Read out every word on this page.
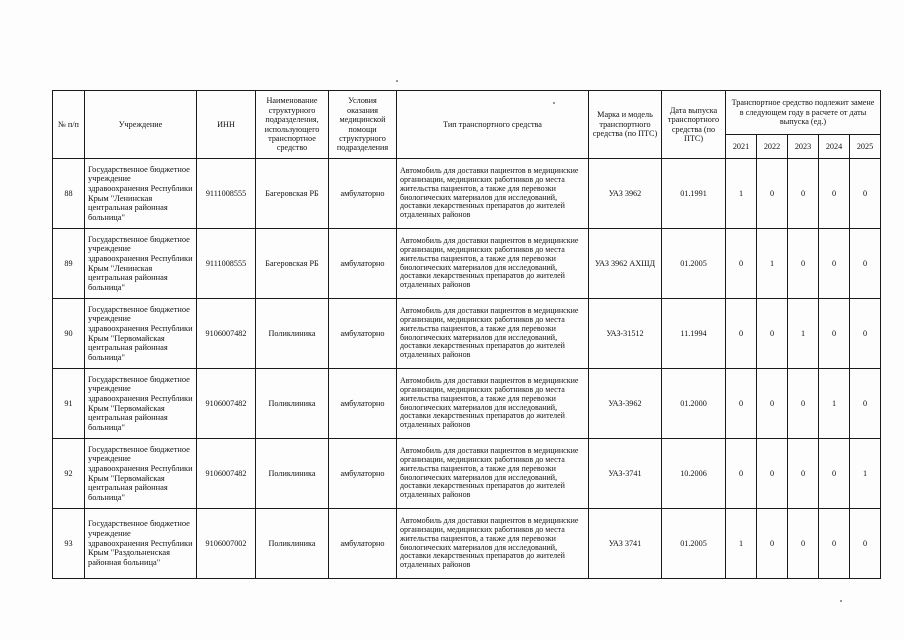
№ п/п	Учреждение	ИНН	Наименование структурного подразделения, использующего транспортное средство	Условия оказания медицинской помощи структурного подразделения	Тип транспортного средства	Марка и модель транспортного средства (по ПТС)	Дата выпуска транспортного средства (по ПТС)	Транспортное средство подлежит замене в следующем году в расчете от даты выпуска (ед.)				
								2021	2022	2023	2024	2025
88	Государственное бюджетное учреждение здравоохранения Республики Крым "Ленинская центральная районная больница"	9111008555	Багеровская РБ	амбулаторно	Автомобиль для доставки пациентов в медицинские организации, медицинских работников до места жительства пациентов, а также для перевозки биологических материалов для исследований, доставки лекарственных препаратов до жителей отдаленных районов	УАЗ 3962	01.1991	1	0	0	0	0
89	Государственное бюджетное учреждение здравоохранения Республики Крым "Ленинская центральная районная больница"	9111008555	Багеровская РБ	амбулаторно	Автомобиль для доставки пациентов в медицинские организации, медицинских работников до места жительства пациентов, а также для перевозки биологических материалов для исследований, доставки лекарственных препаратов до жителей отдаленных районов	УАЗ 3962 АХШД	01.2005	0	1	0	0	0
90	Государственное бюджетное учреждение здравоохранения Республики Крым "Первомайская центральная районная больница"	9106007482	Поликлиника	амбулаторно	Автомобиль для доставки пациентов в медицинские организации, медицинских работников до места жительства пациентов, а также для перевозки биологических материалов для исследований, доставки лекарственных препаратов до жителей отдаленных районов	УАЗ-31512	11.1994	0	0	1	0	0
91	Государственное бюджетное учреждение здравоохранения Республики Крым "Первомайская центральная районная больница"	9106007482	Поликлиника	амбулаторно	Автомобиль для доставки пациентов в медицинские организации, медицинских работников до места жительства пациентов, а также для перевозки биологических материалов для исследований, доставки лекарственных препаратов до жителей отдаленных районов	УАЗ-3962	01.2000	0	0	0	1	0
92	Государственное бюджетное учреждение здравоохранения Республики Крым "Первомайская центральная районная больница"	9106007482	Поликлиника	амбулаторно	Автомобиль для доставки пациентов в медицинские организации, медицинских работников до места жительства пациентов, а также для перевозки биологических материалов для исследований, доставки лекарственных препаратов до жителей отдаленных районов	УАЗ-3741	10.2006	0	0	0	0	1
93	Государственное бюджетное учреждение здравоохранения Республики Крым "Раздольненская районная больница"	9106007002	Поликлиника	амбулаторно	Автомобиль для доставки пациентов в медицинские организации, медицинских работников до места жительства пациентов, а также для перевозки биологических материалов для исследований, доставки лекарственных препаратов до жителей отдаленных районов	УАЗ 3741	01.2005	1	0	0	0	0
